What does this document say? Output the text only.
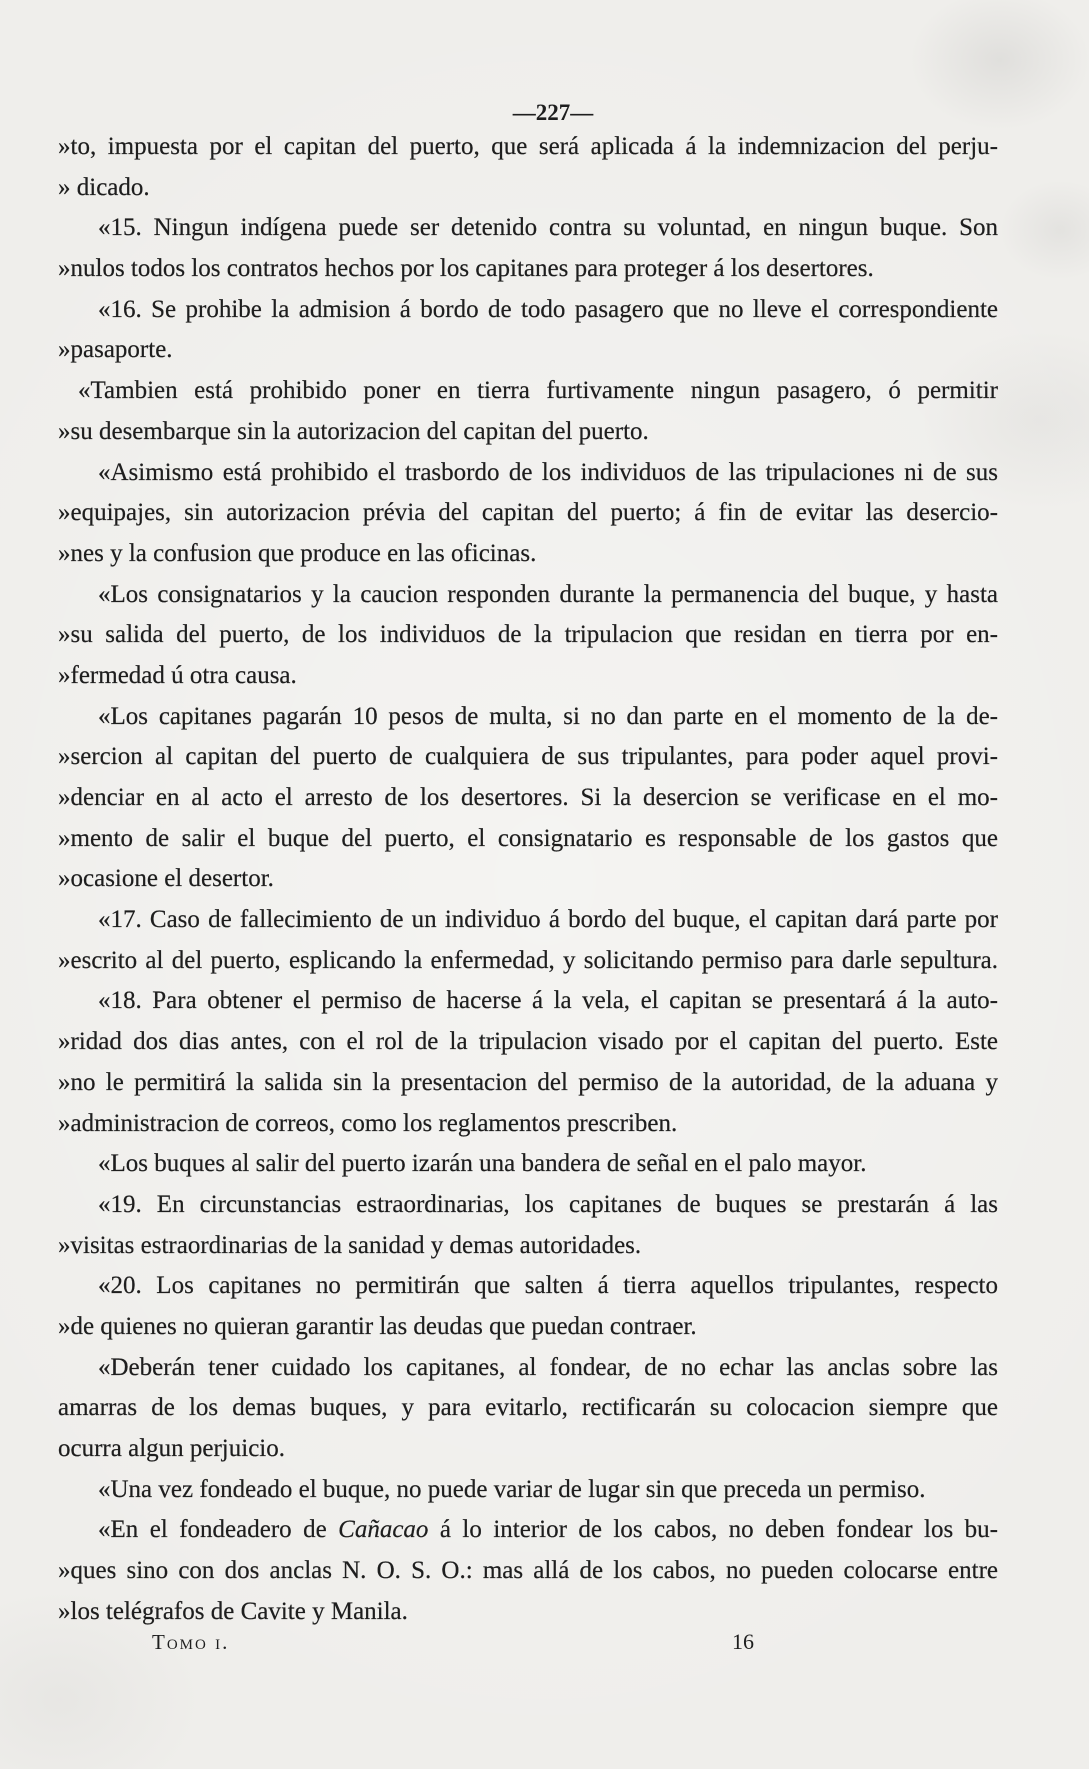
—227—
»to, impuesta por el capitan del puerto, que será aplicada á la indemnizacion del perju-
» dicado.
«15. Ningun indígena puede ser detenido contra su voluntad, en ningun buque. Son
»nulos todos los contratos hechos por los capitanes para proteger á los desertores.
«16. Se prohibe la admision á bordo de todo pasagero que no lleve el correspondiente
»pasaporte.
«Tambien está prohibido poner en tierra furtivamente ningun pasagero, ó permitir
»su desembarque sin la autorizacion del capitan del puerto.
«Asimismo está prohibido el trasbordo de los individuos de las tripulaciones ni de sus
»equipajes, sin autorizacion prévia del capitan del puerto; á fin de evitar las desercio-
»nes y la confusion que produce en las oficinas.
«Los consignatarios y la caucion responden durante la permanencia del buque, y hasta
»su salida del puerto, de los individuos de la tripulacion que residan en tierra por en-
»fermedad ú otra causa.
«Los capitanes pagarán 10 pesos de multa, si no dan parte en el momento de la de-
»sercion al capitan del puerto de cualquiera de sus tripulantes, para poder aquel provi-
»denciar en al acto el arresto de los desertores. Si la desercion se verificase en el mo-
»mento de salir el buque del puerto, el consignatario es responsable de los gastos que
»ocasione el desertor.
«17. Caso de fallecimiento de un individuo á bordo del buque, el capitan dará parte por
»escrito al del puerto, esplicando la enfermedad, y solicitando permiso para darle sepultura.
«18. Para obtener el permiso de hacerse á la vela, el capitan se presentará á la auto-
»ridad dos dias antes, con el rol de la tripulacion visado por el capitan del puerto. Este
»no le permitirá la salida sin la presentacion del permiso de la autoridad, de la aduana y
»administracion de correos, como los reglamentos prescriben.
«Los buques al salir del puerto izarán una bandera de señal en el palo mayor.
«19. En circunstancias estraordinarias, los capitanes de buques se prestarán á las
»visitas estraordinarias de la sanidad y demas autoridades.
«20. Los capitanes no permitirán que salten á tierra aquellos tripulantes, respecto
»de quienes no quieran garantir las deudas que puedan contraer.
«Deberán tener cuidado los capitanes, al fondear, de no echar las anclas sobre las
amarras de los demas buques, y para evitarlo, rectificarán su colocacion siempre que
ocurra algun perjuicio.
«Una vez fondeado el buque, no puede variar de lugar sin que preceda un permiso.
«En el fondeadero de Cañacao á lo interior de los cabos, no deben fondear los bu-
»ques sino con dos anclas N. O. S. O.: mas allá de los cabos, no pueden colocarse entre
»los telégrafos de Cavite y Manila.
Tomo i.	16
